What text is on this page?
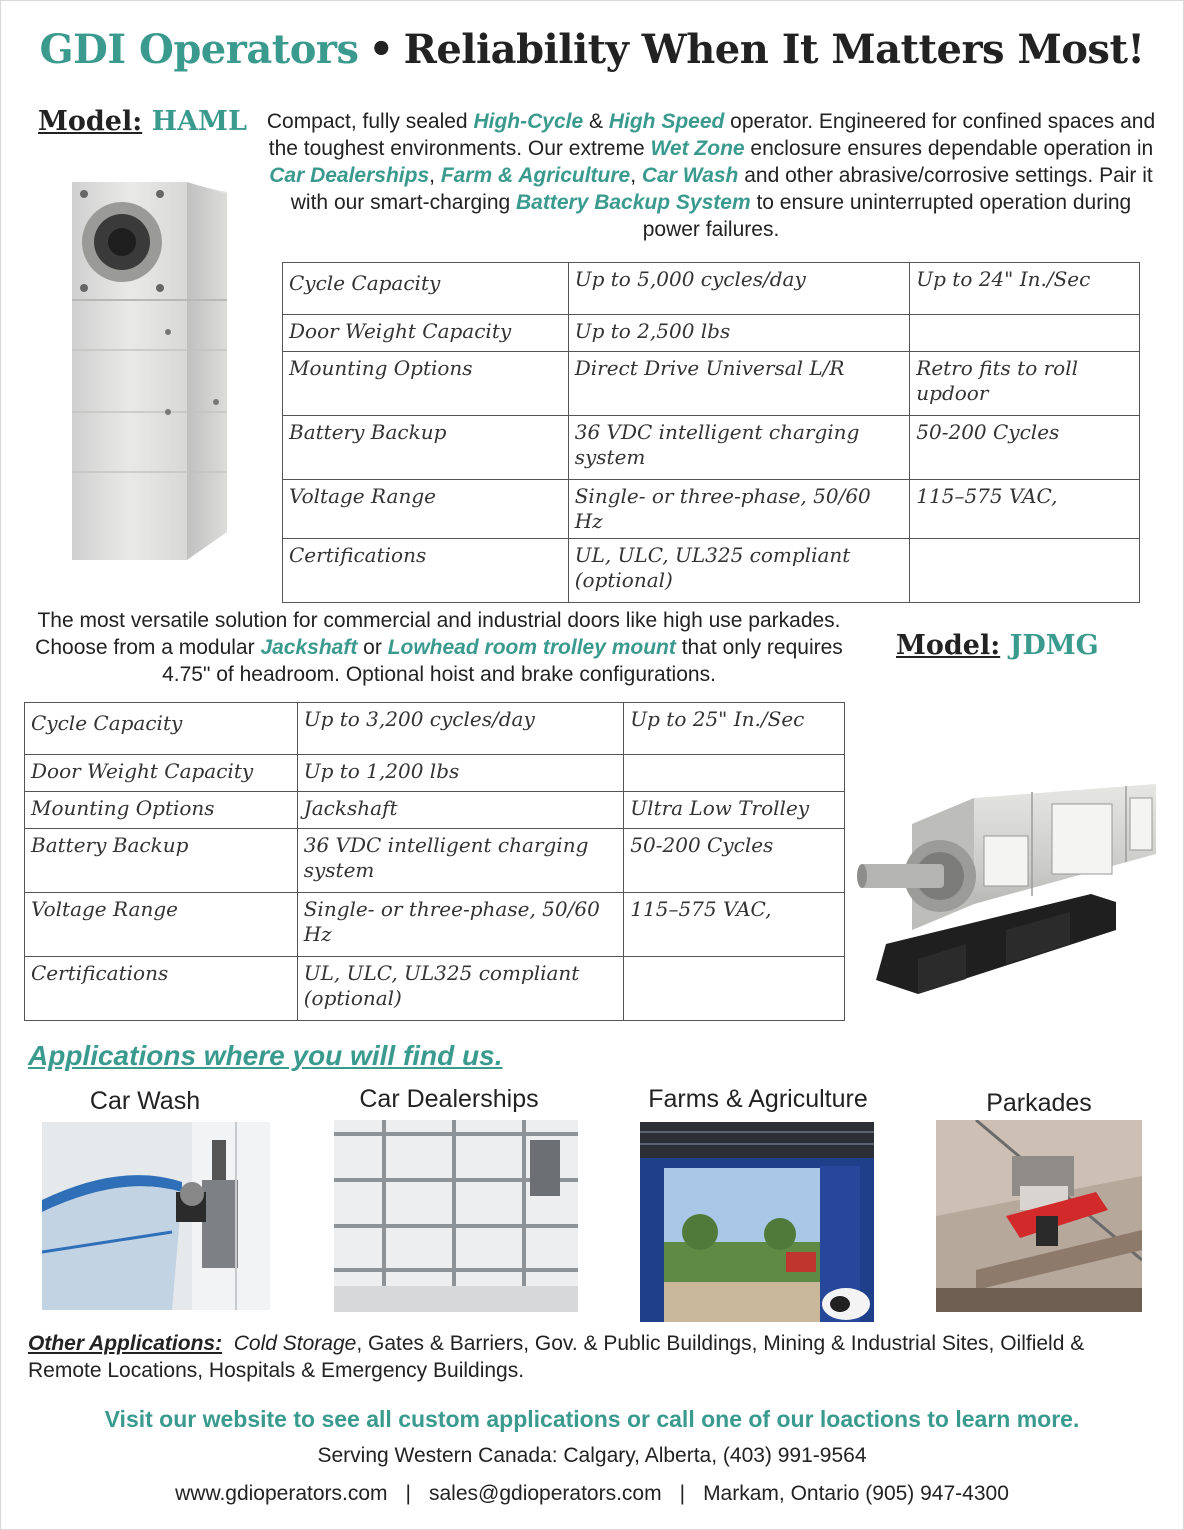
GDI Operators • Reliability When It Matters Most!
Model: HAML Compact, fully sealed High-Cycle & High Speed operator. Engineered for confined spaces and the toughest environments. Our extreme Wet Zone enclosure ensures dependable operation in Car Dealerships, Farm & Agriculture, Car Wash and other abrasive/corrosive settings. Pair it with our smart-charging Battery Backup System to ensure uninterrupted operation during power failures.
Cycle Capacity	Up to 5,000 cycles/day	Up to 24" In./Sec
Door Weight Capacity	Up to 2,500 lbs	
Mounting Options	Direct Drive Universal L/R	Retro fits to roll updoor
Battery Backup	36 VDC intelligent charging system	50-200 Cycles
Voltage Range	Single- or three-phase, 50/60 Hz	115–575 VAC,
Certifications	UL, ULC, UL325 compliant (optional)	
The most versatile solution for commercial and industrial doors like high use parkades. Choose from a modular Jackshaft or Lowhead room trolley mount that only requires 4.75" of headroom. Optional hoist and brake configurations.
Model: JDMG
Cycle Capacity	Up to 3,200 cycles/day	Up to 25" In./Sec
Door Weight Capacity	Up to 1,200 lbs	
Mounting Options	Jackshaft	Ultra Low Trolley
Battery Backup	36 VDC intelligent charging system	50-200 Cycles
Voltage Range	Single- or three-phase, 50/60 Hz	115–575 VAC,
Certifications	UL, ULC, UL325 compliant (optional)	
Applications where you will find us.
Car Wash	Car Dealerships	Farms & Agriculture	Parkades
Other Applications: Cold Storage, Gates & Barriers, Gov. & Public Buildings, Mining & Industrial Sites, Oilfield & Remote Locations, Hospitals & Emergency Buildings.
Visit our website to see all custom applications or call one of our loactions to learn more.
Serving Western Canada: Calgary, Alberta, (403) 991-9564
www.gdioperators.com | sales@gdioperators.com | Markam, Ontario (905) 947-4300
